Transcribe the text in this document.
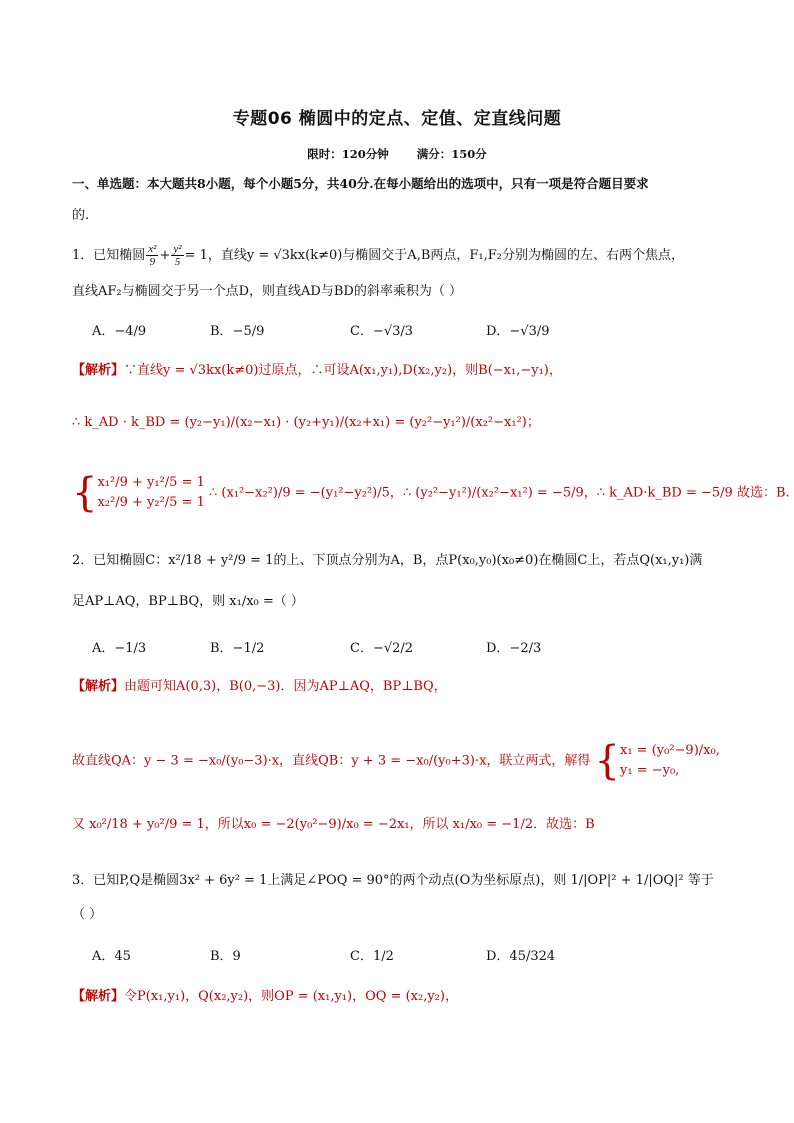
专题06 椭圆中的定点、定值、定直线问题
限时：120分钟 满分：150分
一、单选题：本大题共8小题，每个小题5分，共40分.在每小题给出的选项中，只有一项是符合题目要求
的.
1．已知椭圆 $\frac{\text{x²}}{9} + \frac{\text{y²}}{5} = 1$，直线y = √3kx(k≠0)与椭圆交于A,B两点，F₁,F₂分别为椭圆的左、右两个焦点，
直线AF₂与椭圆交于另一个点D，则直线AD与BD的斜率乘积为（ ）
A．−4/9	B．−5/9	C．−√3/3	D．−√3/9
【解析】∵直线y = √3kx(k≠0)过原点，∴可设A(x₁,y₁),D(x₂,y₂)，则B(−x₁,−y₁)，
∴ k_AD · k_BD = (y₂−y₁)/(x₂−x₁) · (y₂+y₁)/(x₂+x₁) = (y₂²−y₁²)/(x₂²−x₁²)；
{ x₁²/9 + y₁²/5 = 1
x₂²/9 + y₂²/5 = 1
∴ (x₁²−x₂²)/9 = −(y₁²−y₂²)/5，∴ (y₂²−y₁²)/(x₂²−x₁²) = −5/9，∴ k_AD·k_BD = −5/9 故选：B.
2．已知椭圆C：x²/18 + y²/9 = 1的上、下顶点分别为A，B，点P(x₀,y₀)(x₀≠0)在椭圆C上，若点Q(x₁,y₁)满
足AP⊥AQ，BP⊥BQ，则 x₁/x₀ =（ ）
A．−1/3	B．−1/2	C．−√2/2	D．−2/3
【解析】由题可知A(0,3)，B(0,−3)．因为AP⊥AQ，BP⊥BQ，
故直线QA：y − 3 = −x₀/(y₀−3)·x，直线QB：y + 3 = −x₀/(y₀+3)·x，联立两式，解得 { x₁ = (y₀²−9)/x₀,
y₁ = −y₀,
又 x₀²/18 + y₀²/9 = 1，所以x₀ = −2(y₀²−9)/x₀ = −2x₁，所以 x₁/x₀ = −1/2．故选：B
3．已知P,Q是椭圆3x² + 6y² = 1上满足∠POQ = 90°的两个动点(O为坐标原点)，则 1/|OP|² + 1/|OQ|² 等于
（ ）
A．45	B．9	C．1/2	D．45/324
【解析】令P(x₁,y₁)，Q(x₂,y₂)，则OP = (x₁,y₁)，OQ = (x₂,y₂)，
